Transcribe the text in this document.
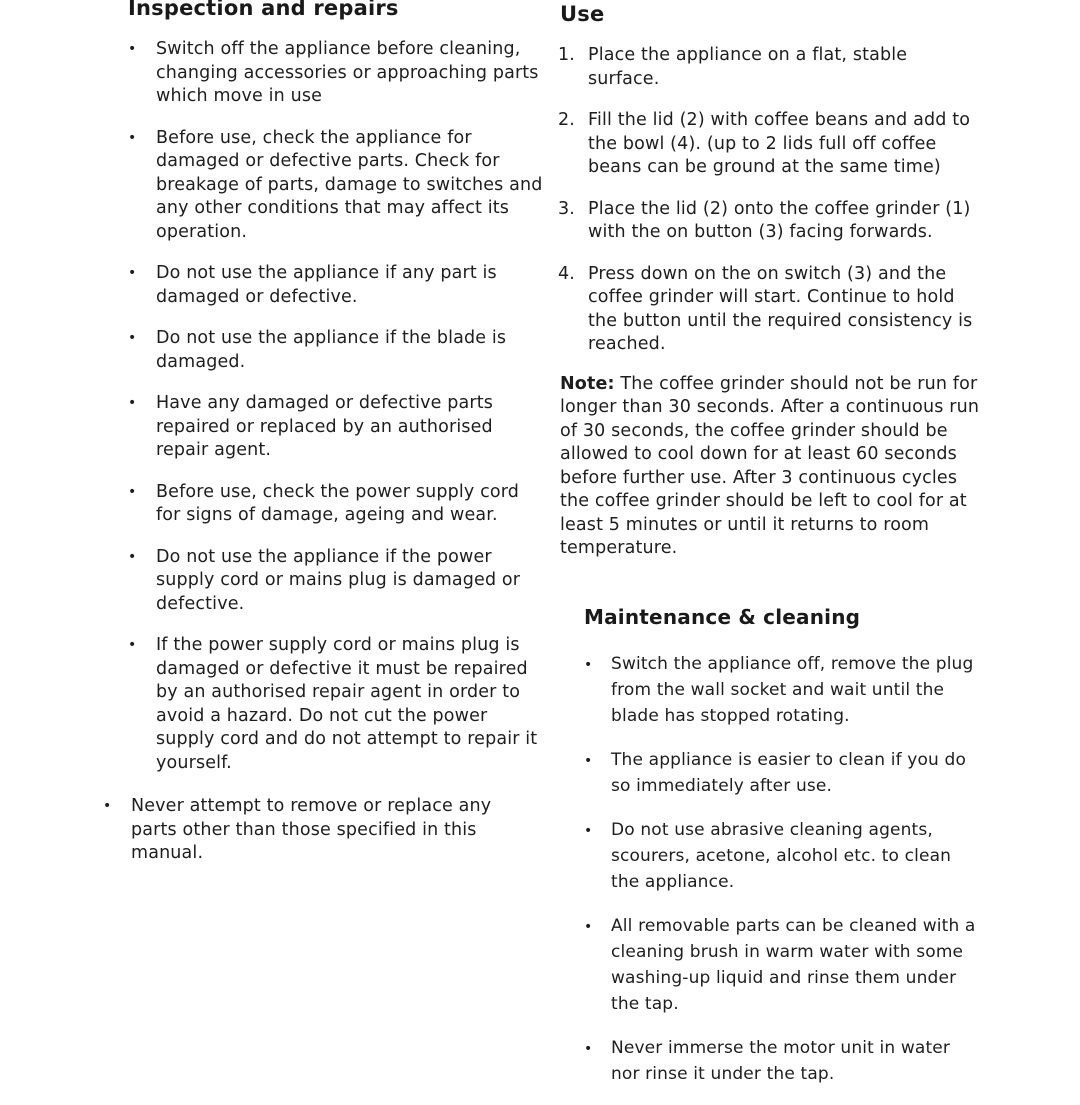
Inspection and repairs
• Switch off the appliance before cleaning, changing accessories or approaching parts which move in use
• Before use, check the appliance for damaged or defective parts. Check for breakage of parts, damage to switches and any other conditions that may affect its operation.
• Do not use the appliance if any part is damaged or defective.
• Do not use the appliance if the blade is damaged.
• Have any damaged or defective parts repaired or replaced by an authorised repair agent.
• Before use, check the power supply cord for signs of damage, ageing and wear.
• Do not use the appliance if the power supply cord or mains plug is damaged or defective.
• If the power supply cord or mains plug is damaged or defective it must be repaired by an authorised repair agent in order to avoid a hazard. Do not cut the power supply cord and do not attempt to repair it yourself.
• Never attempt to remove or replace any parts other than those specified in this manual.
Use
1. Place the appliance on a flat, stable surface.
2. Fill the lid (2) with coffee beans and add to the bowl (4). (up to 2 lids full off coffee beans can be ground at the same time)
3. Place the lid (2) onto the coffee grinder (1) with the on button (3) facing forwards.
4. Press down on the on switch (3) and the coffee grinder will start. Continue to hold the button until the required consistency is reached.

Note: The coffee grinder should not be run for longer than 30 seconds. After a continuous run of 30 seconds, the coffee grinder should be allowed to cool down for at least 60 seconds before further use. After 3 continuous cycles the coffee grinder should be left to cool for at least 5 minutes or until it returns to room temperature.

Maintenance & cleaning
• Switch the appliance off, remove the plug from the wall socket and wait until the blade has stopped rotating.
• The appliance is easier to clean if you do so immediately after use.
• Do not use abrasive cleaning agents, scourers, acetone, alcohol etc. to clean the appliance.
• All removable parts can be cleaned with a cleaning brush in warm water with some washing-up liquid and rinse them under the tap.
• Never immerse the motor unit in water nor rinse it under the tap.
